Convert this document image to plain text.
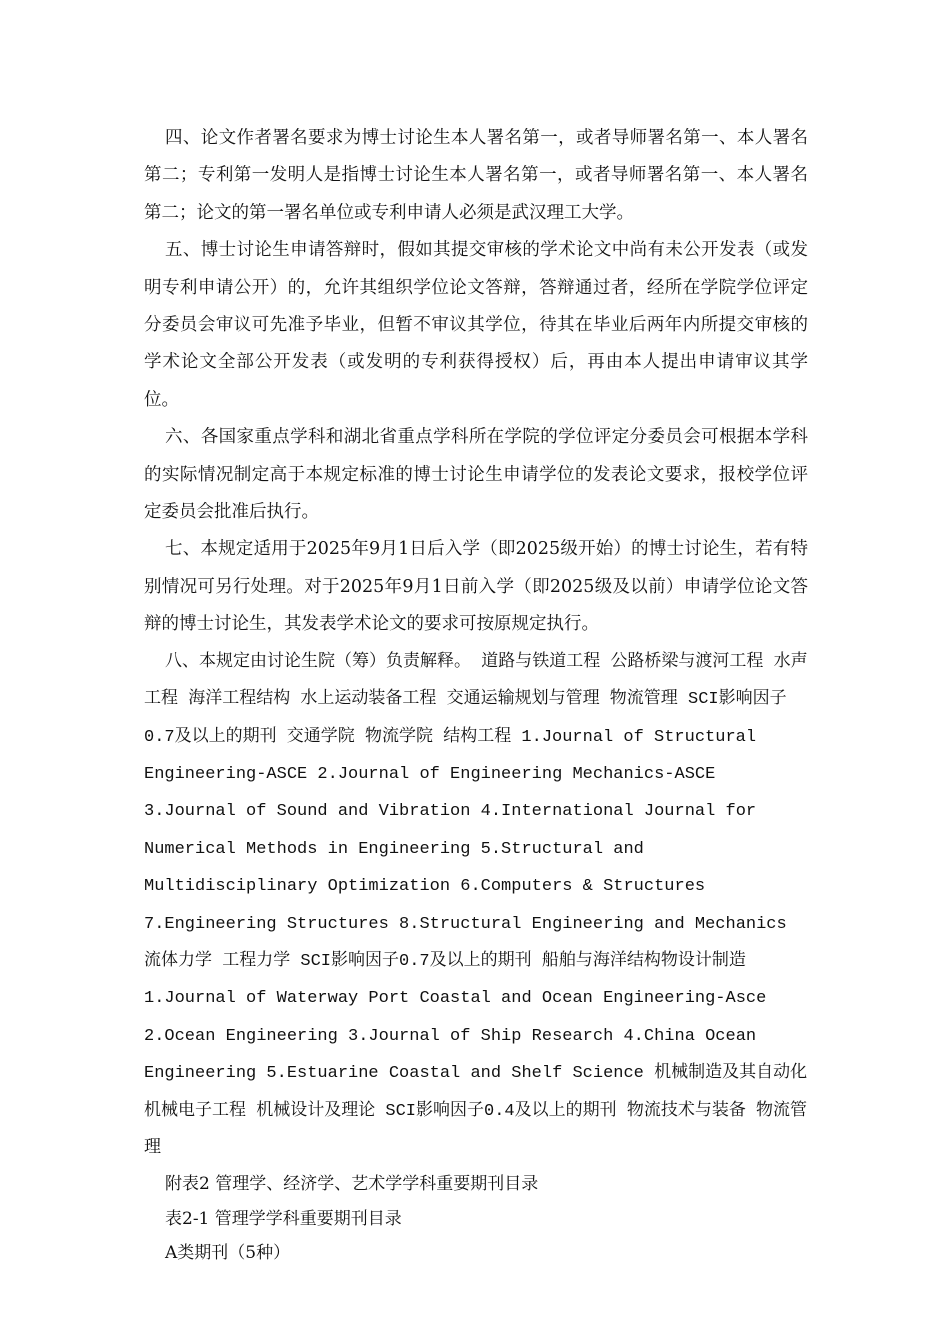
四、论文作者署名要求为博士讨论生本人署名第一，或者导师署名第一、本人署名第二；专利第一发明人是指博士讨论生本人署名第一，或者导师署名第一、本人署名第二；论文的第一署名单位或专利申请人必须是武汉理工大学。

五、博士讨论生申请答辩时，假如其提交审核的学术论文中尚有未公开发表（或发明专利申请公开）的，允许其组织学位论文答辩，答辩通过者，经所在学院学位评定分委员会审议可先准予毕业，但暂不审议其学位，待其在毕业后两年内所提交审核的学术论文全部公开发表（或发明的专利获得授权）后，再由本人提出申请审议其学位。

六、各国家重点学科和湖北省重点学科所在学院的学位评定分委员会可根据本学科的实际情况制定高于本规定标准的博士讨论生申请学位的发表论文要求，报校学位评定委员会批准后执行。

七、本规定适用于2025年9月1日后入学（即2025级开始）的博士讨论生，若有特别情况可另行处理。对于2025年9月1日前入学（即2025级及以前）申请学位论文答辩的博士讨论生，其发表学术论文的要求可按原规定执行。

八、本规定由讨论生院（筹）负责解释。 道路与铁道工程 公路桥梁与渡河工程 水声工程 海洋工程结构 水上运动装备工程 交通运输规划与管理 物流管理 SCI影响因子0.7及以上的期刊 交通学院 物流学院 结构工程 1.Journal of Structural Engineering-ASCE 2.Journal of Engineering Mechanics-ASCE 3.Journal of Sound and Vibration 4.International Journal for Numerical Methods in Engineering 5.Structural and Multidisciplinary Optimization 6.Computers & Structures 7.Engineering Structures 8.Structural Engineering and Mechanics 流体力学 工程力学 SCI影响因子0.7及以上的期刊 船舶与海洋结构物设计制造 1.Journal of Waterway Port Coastal and Ocean Engineering-Asce 2.Ocean Engineering 3.Journal of Ship Research 4.China Ocean Engineering 5.Estuarine Coastal and Shelf Science 机械制造及其自动化 机械电子工程 机械设计及理论 SCI影响因子0.4及以上的期刊 物流技术与装备 物流管理

附表2 管理学、经济学、艺术学学科重要期刊目录

表2-1 管理学学科重要期刊目录

A类期刊（5种）
